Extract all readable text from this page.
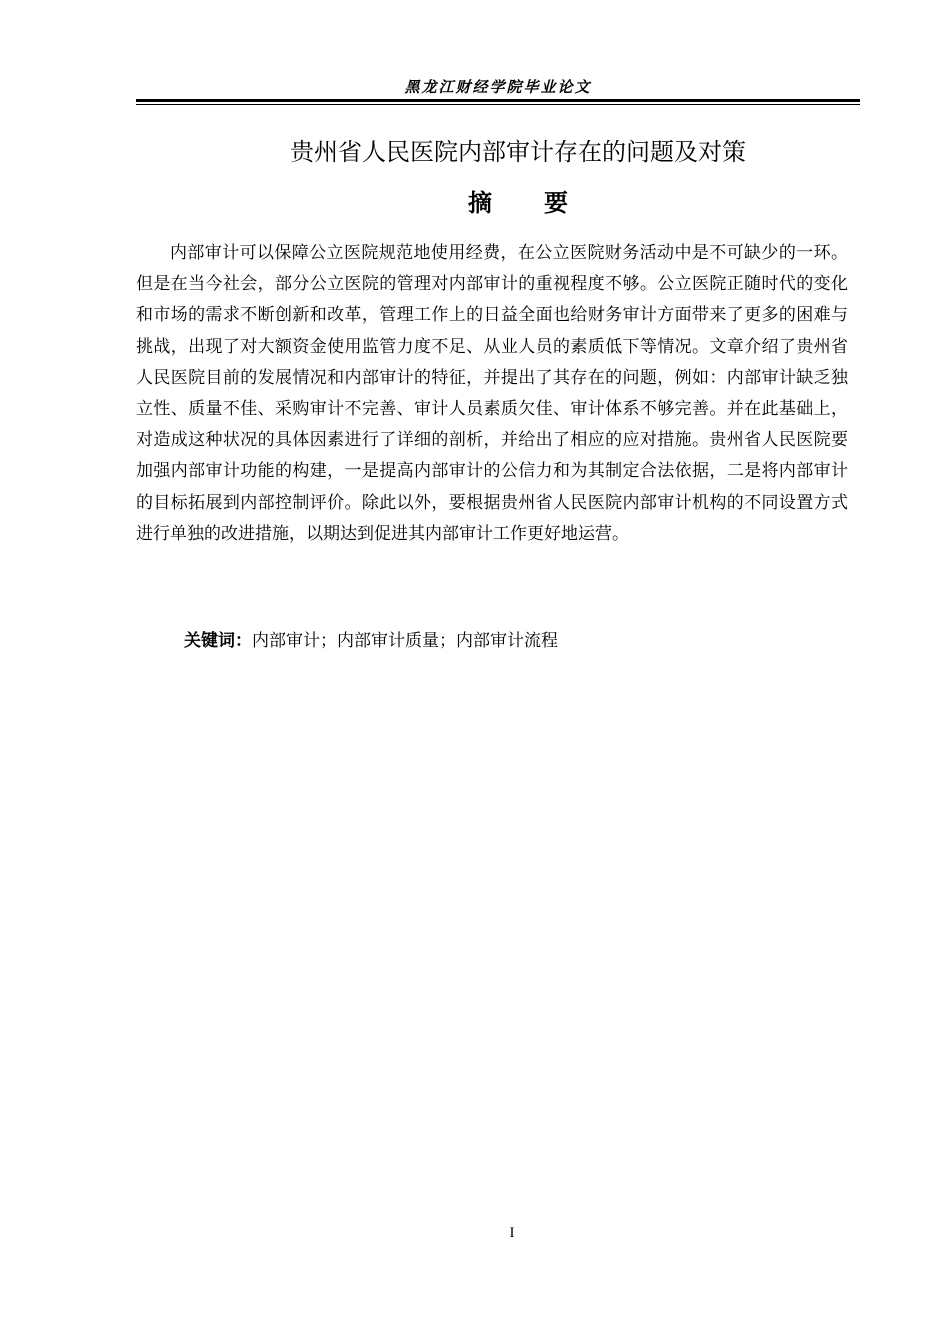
黑龙江财经学院毕业论文
贵州省人民医院内部审计存在的问题及对策
摘 要

内部审计可以保障公立医院规范地使用经费，在公立医院财务活动中是不可缺少的一环。但是在当今社会，部分公立医院的管理对内部审计的重视程度不够。公立医院正随时代的变化和市场的需求不断创新和改革，管理工作上的日益全面也给财务审计方面带来了更多的困难与挑战，出现了对大额资金使用监管力度不足、从业人员的素质低下等情况。文章介绍了贵州省人民医院目前的发展情况和内部审计的特征，并提出了其存在的问题，例如：内部审计缺乏独立性、质量不佳、采购审计不完善、审计人员素质欠佳、审计体系不够完善。并在此基础上，对造成这种状况的具体因素进行了详细的剖析，并给出了相应的应对措施。贵州省人民医院要加强内部审计功能的构建，一是提高内部审计的公信力和为其制定合法依据，二是将内部审计的目标拓展到内部控制评价。除此以外，要根据贵州省人民医院内部审计机构的不同设置方式进行单独的改进措施，以期达到促进其内部审计工作更好地运营。

关键词：内部审计；内部审计质量；内部审计流程
I
